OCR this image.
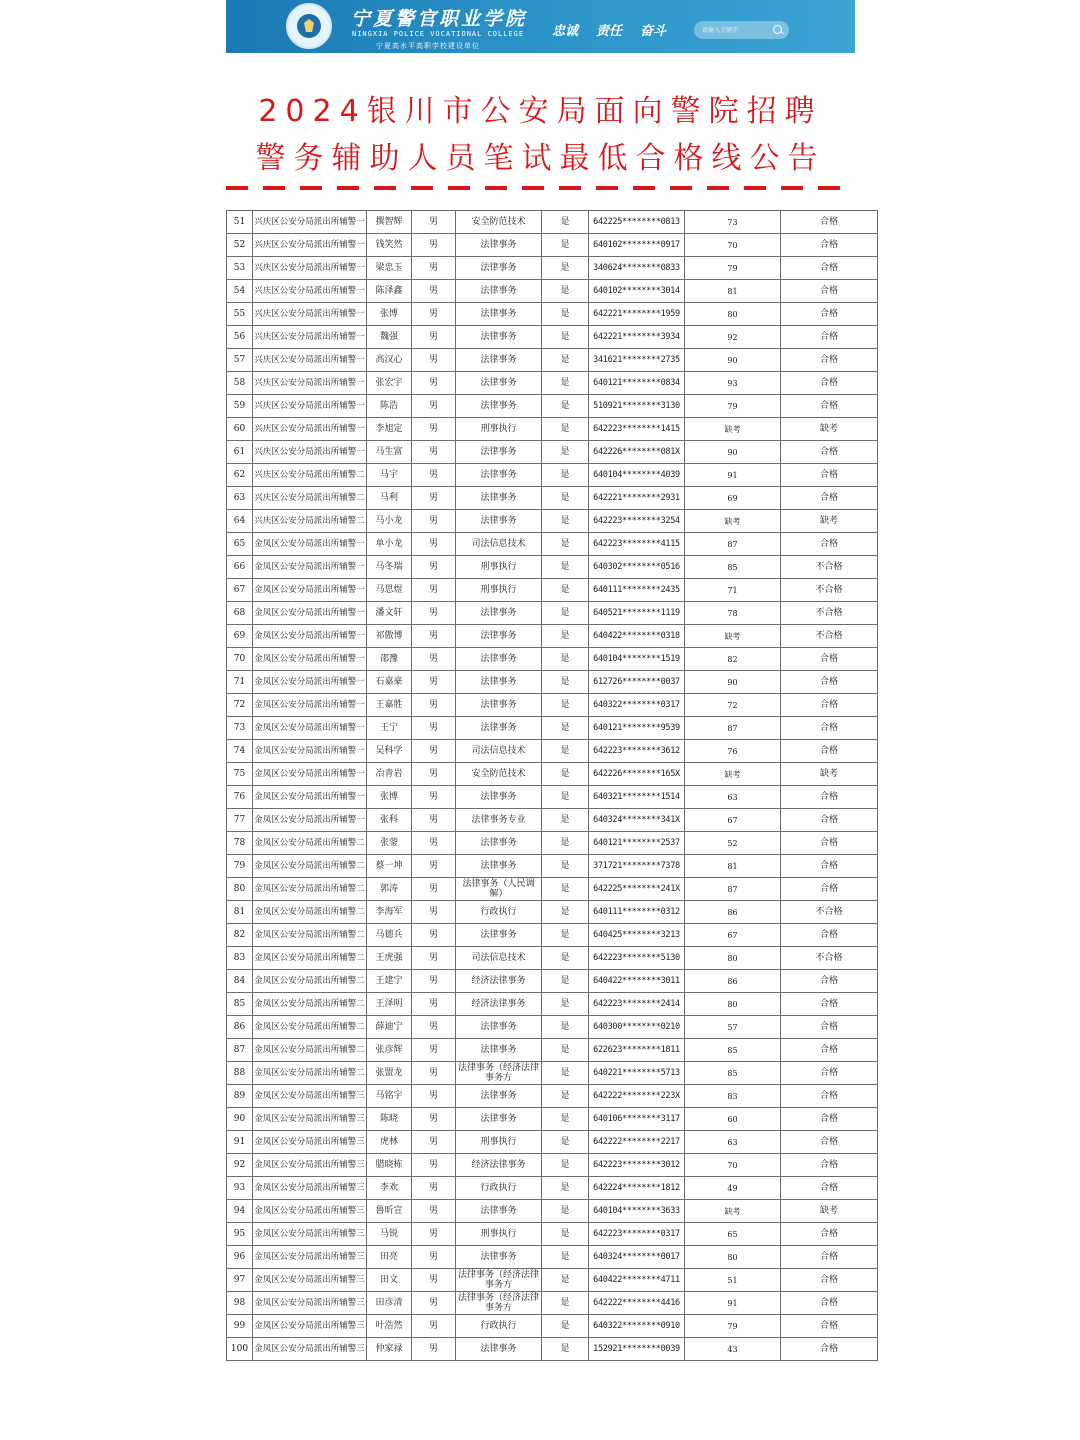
宁夏警官职业学院
NINGXIA POLICE VOCATIONAL COLLEGE
宁夏高水平高职学校建设单位
忠诚 责任 奋斗	请输入关键字
2024银川市公安局面向警院招聘
警务辅助人员笔试最低合格线公告
51	兴庆区公安分局派出所辅警一	撰智辉	男	安全防范技术	是	642225********0813	73	合格
52	兴庆区公安分局派出所辅警一	钱笑然	男	法律事务	是	640102********0917	70	合格
53	兴庆区公安分局派出所辅警一	梁忠玉	男	法律事务	是	340624********0833	79	合格
54	兴庆区公安分局派出所辅警一	陈泽鑫	男	法律事务	是	640102********3014	81	合格
55	兴庆区公安分局派出所辅警一	张博	男	法律事务	是	642221********1959	80	合格
56	兴庆区公安分局派出所辅警一	魏强	男	法律事务	是	642221********3934	92	合格
57	兴庆区公安分局派出所辅警一	高汉心	男	法律事务	是	341621********2735	90	合格
58	兴庆区公安分局派出所辅警一	张宏宇	男	法律事务	是	640121********0834	93	合格
59	兴庆区公安分局派出所辅警一	陈浩	男	法律事务	是	510921********3130	79	合格
60	兴庆区公安分局派出所辅警一	李旭定	男	刑事执行	是	642223********1415	缺考	缺考
61	兴庆区公安分局派出所辅警一	马生富	男	法律事务	是	642226********081X	90	合格
62	兴庆区公安分局派出所辅警二	马宇	男	法律事务	是	640104********4039	91	合格
63	兴庆区公安分局派出所辅警二	马利	男	法律事务	是	642221********2931	69	合格
64	兴庆区公安分局派出所辅警二	马小龙	男	法律事务	是	642223********3254	缺考	缺考
65	金凤区公安分局派出所辅警一	单小龙	男	司法信息技术	是	642223********4115	87	合格
66	金凤区公安分局派出所辅警一	马冬瑞	男	刑事执行	是	640302********0516	85	不合格
67	金凤区公安分局派出所辅警一	马思煜	男	刑事执行	是	640111********2435	71	不合格
68	金凤区公安分局派出所辅警一	潘文轩	男	法律事务	是	640521********1119	78	不合格
69	金凤区公安分局派出所辅警一	祁傲博	男	法律事务	是	640422********0318	缺考	不合格
70	金凤区公安分局派出所辅警一	邵豫	男	法律事务	是	640104********1519	82	合格
71	金凤区公安分局派出所辅警一	石嘉豪	男	法律事务	是	612726********0037	90	合格
72	金凤区公安分局派出所辅警一	王嘉胜	男	法律事务	是	640322********0317	72	合格
73	金凤区公安分局派出所辅警一	王宁	男	法律事务	是	640121********9539	87	合格
74	金凤区公安分局派出所辅警一	吴科学	男	司法信息技术	是	642223********3612	76	合格
75	金凤区公安分局派出所辅警一	冶青岩	男	安全防范技术	是	642226********165X	缺考	缺考
76	金凤区公安分局派出所辅警一	张博	男	法律事务	是	640321********1514	63	合格
77	金凤区公安分局派出所辅警一	张科	男	法律事务专业	是	640324********341X	67	合格
78	金凤区公安分局派出所辅警二	张蓥	男	法律事务	是	640121********2537	52	合格
79	金凤区公安分局派出所辅警二	蔡一坤	男	法律事务	是	371721********7378	81	合格
80	金凤区公安分局派出所辅警二	郭涛	男	法律事务（人民调解）	是	642225********241X	87	合格
81	金凤区公安分局派出所辅警二	李海军	男	行政执行	是	640111********0312	86	不合格
82	金凤区公安分局派出所辅警二	马德兵	男	法律事务	是	640425********3213	67	合格
83	金凤区公安分局派出所辅警二	王虎强	男	司法信息技术	是	642223********5130	80	不合格
84	金凤区公安分局派出所辅警二	王建宁	男	经济法律事务	是	640422********3011	86	合格
85	金凤区公安分局派出所辅警二	王泽明	男	经济法律事务	是	642223********2414	80	合格
86	金凤区公安分局派出所辅警二	薛迪宁	男	法律事务	是	640300********0210	57	合格
87	金凤区公安分局派出所辅警二	张彦辉	男	法律事务	是	622623********1811	85	合格
88	金凤区公安分局派出所辅警二	张盟龙	男	法律事务（经济法律事务方	是	640221********5713	85	合格
89	金凤区公安分局派出所辅警三	马铭宇	男	法律事务	是	642222********223X	83	合格
90	金凤区公安分局派出所辅警三	陈晓	男	法律事务	是	640106********3117	60	合格
91	金凤区公安分局派出所辅警三	虎林	男	刑事执行	是	642222********2217	63	合格
92	金凤区公安分局派出所辅警三	腊晓栋	男	经济法律事务	是	642223********3012	70	合格
93	金凤区公安分局派出所辅警三	李欢	男	行政执行	是	642224********1812	49	合格
94	金凤区公安分局派出所辅警三	鲁昕宣	男	法律事务	是	640104********3633	缺考	缺考
95	金凤区公安分局派出所辅警三	马锐	男	刑事执行	是	642223********0317	65	合格
96	金凤区公安分局派出所辅警三	田亮	男	法律事务	是	640324********0017	80	合格
97	金凤区公安分局派出所辅警三	田文	男	法律事务（经济法律事务方	是	640422********4711	51	合格
98	金凤区公安分局派出所辅警三	田彦清	男	法律事务（经济法律事务方	是	642222********4416	91	合格
99	金凤区公安分局派出所辅警三	叶浩然	男	行政执行	是	640322********0910	79	合格
100	金凤区公安分局派出所辅警三	仲家禄	男	法律事务	是	152921********0039	43	合格
